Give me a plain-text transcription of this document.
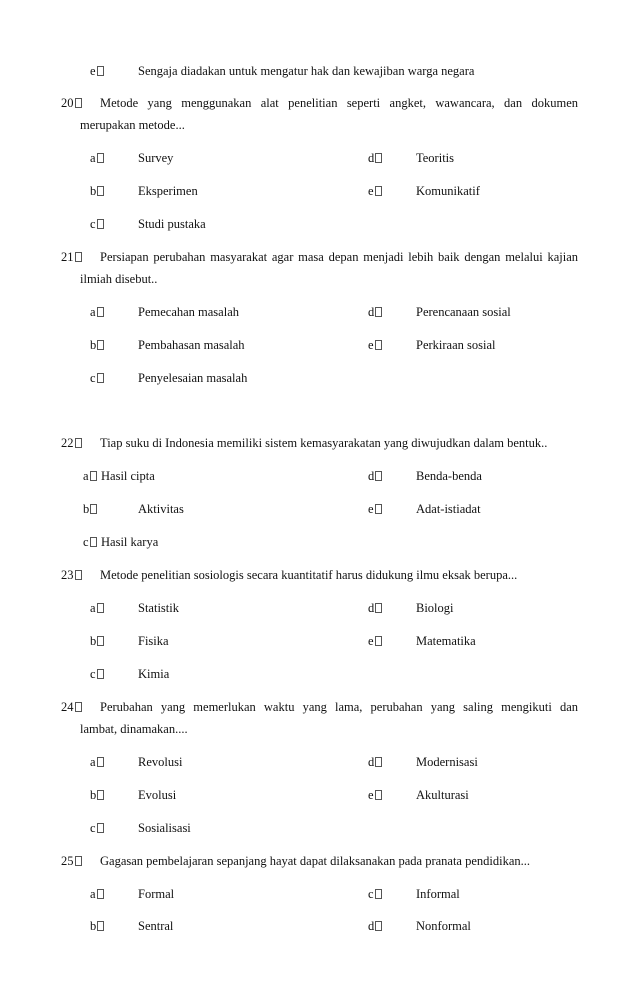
e	Sengaja diadakan untuk mengatur hak dan kewajiban warga negara
20	Metode yang menggunakan alat penelitian seperti angket, wawancara, dan dokumen
merupakan metode...
a	Survey	d	Teoritis
b	Eksperimen	e	Komunikatif
c	Studi pustaka
21	Persiapan perubahan masyarakat agar masa depan menjadi lebih baik dengan melalui kajian
ilmiah disebut..
a	Pemecahan masalah	d	Perencanaan sosial
b	Pembahasan masalah	e	Perkiraan sosial
c	Penyelesaian masalah
22	Tiap suku di Indonesia memiliki sistem kemasyarakatan yang diwujudkan dalam bentuk..
a Hasil cipta	d	Benda-benda
b	Aktivitas	e	Adat-istiadat
c Hasil karya
23	Metode penelitian sosiologis secara kuantitatif harus didukung ilmu eksak berupa...
a	Statistik	d	Biologi
b	Fisika	e	Matematika
c	Kimia
24	Perubahan yang memerlukan waktu yang lama, perubahan yang saling mengikuti dan
lambat, dinamakan....
a	Revolusi	d	Modernisasi
b	Evolusi	e	Akulturasi
c	Sosialisasi
25	Gagasan pembelajaran sepanjang hayat dapat dilaksanakan pada pranata pendidikan...
a	Formal	c	Informal
b	Sentral	d	Nonformal
